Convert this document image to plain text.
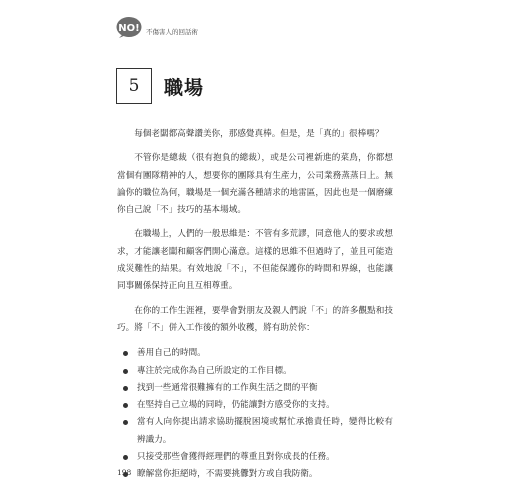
NO! 不傷害人的回話術
5	職場

每個老闆都高聲讚美你，那感覺真棒。但是，是「真的」很棒嗎？

不管你是總裁（很有抱負的總裁），或是公司裡新進的菜鳥，你都想當個有團隊精神的人，想要你的團隊具有生產力，公司業務蒸蒸日上。無論你的職位為何，職場是一個充滿各種請求的地雷區，因此也是一個磨練你自己說「不」技巧的基本場域。

在職場上，人們的一般思維是：不管有多荒謬，同意他人的要求或想求，才能讓老闆和顧客們開心滿意。這樣的思維不但過時了，並且可能造成災難性的結果。有效地說「不」，不但能保護你的時間和界線，也能讓同事關係保持正向且互相尊重。

在你的工作生涯裡，要學會對朋友及親人們說「不」的許多觀點和技巧。將「不」併入工作後的額外收穫，將有助於你：

善用自己的時間。
專注於完成你為自己所設定的工作目標。
找到一些通常很難擁有的工作與生活之間的平衡
在堅持自己立場的同時，仍能讓對方感受你的支持。
當有人向你提出請求協助擺脫困境或幫忙承擔責任時，變得比較有辨識力。
只接受那些會獲得經理們的尊重且對你成長的任務。
瞭解當你拒絕時，不需要挑釁對方或自我防衛。
198
